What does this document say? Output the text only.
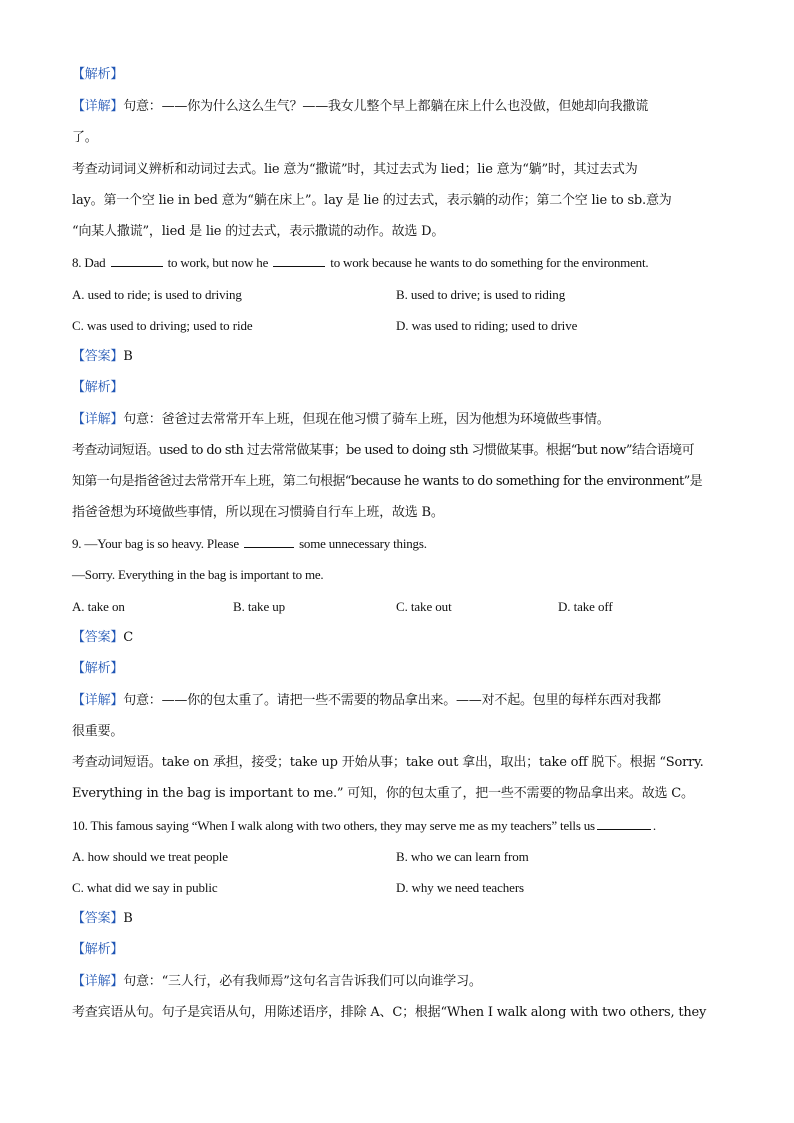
【解析】
【详解】句意：——你为什么这么生气？——我女儿整个早上都躺在床上什么也没做，但她却向我撒谎
了。
考查动词词义辨析和动词过去式。lie 意为“撒谎”时，其过去式为 lied；lie 意为“躺”时，其过去式为
lay。第一个空 lie in bed 意为“躺在床上”。lay 是 lie 的过去式，表示躺的动作；第二个空 lie to sb.意为
“向某人撒谎”，lied 是 lie 的过去式，表示撒谎的动作。故选 D。
8. Dad	to work, but now he	to work because he wants to do something for the environment.
A. used to ride; is used to driving	B. used to drive; is used to riding
C. was used to driving; used to ride	D. was used to riding; used to drive
【答案】B
【解析】
【详解】句意：爸爸过去常常开车上班，但现在他习惯了骑车上班，因为他想为环境做些事情。
考查动词短语。used to do sth 过去常常做某事；be used to doing sth 习惯做某事。根据“but now”结合语境可
知第一句是指爸爸过去常常开车上班，第二句根据“because he wants to do something for the environment”是
指爸爸想为环境做些事情，所以现在习惯骑自行车上班，故选 B。
9. —Your bag is so heavy. Please	some unnecessary things.
—Sorry. Everything in the bag is important to me.
A. take on	B. take up	C. take out	D. take off
【答案】C
【解析】
【详解】句意：——你的包太重了。请把一些不需要的物品拿出来。——对不起。包里的每样东西对我都
很重要。
考查动词短语。take on 承担，接受；take up 开始从事；take out 拿出，取出；take off 脱下。根据 “Sorry.
Everything in the bag is important to me.” 可知，你的包太重了，把一些不需要的物品拿出来。故选 C。
10. This famous saying “When I walk along with two others, they may serve me as my teachers” tells us	.
A. how should we treat people	B. who we can learn from
C. what did we say in public	D. why we need teachers
【答案】B
【解析】
【详解】句意：“三人行，必有我师焉”这句名言告诉我们可以向谁学习。
考查宾语从句。句子是宾语从句，用陈述语序，排除 A、C；根据“When I walk along with two others, they
